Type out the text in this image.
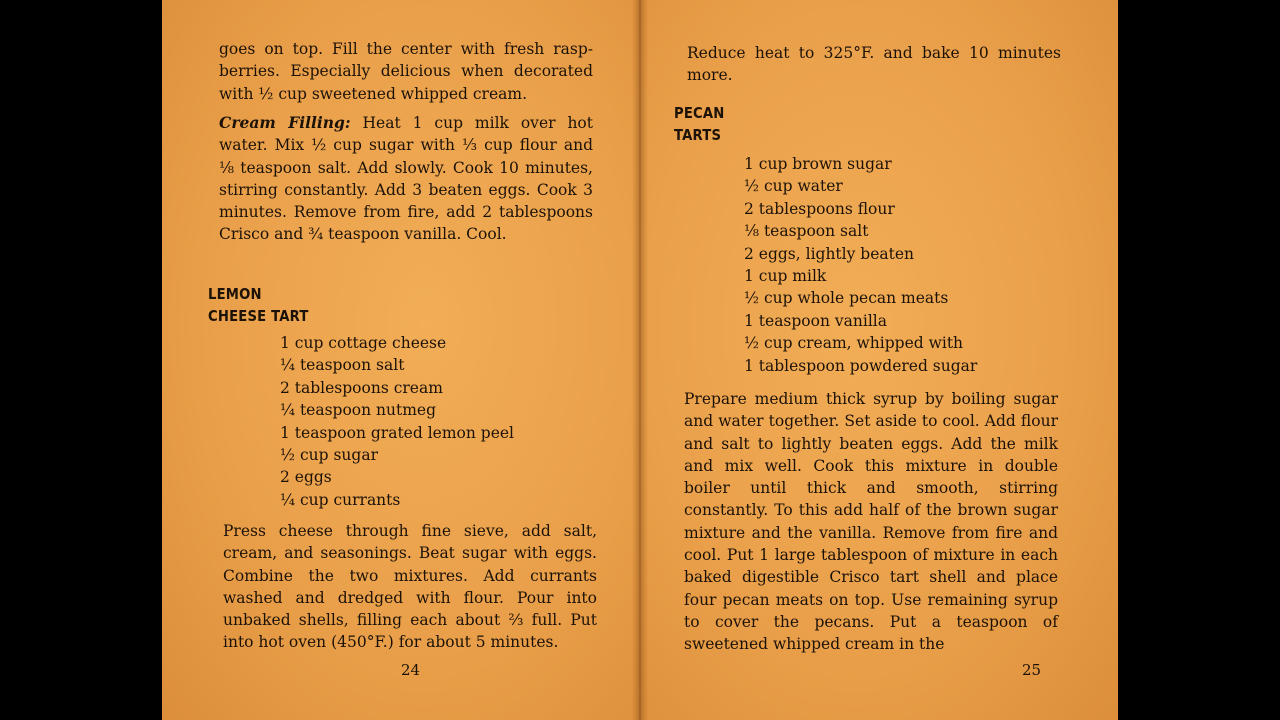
goes on top. Fill the center with fresh rasp-berries. Especially delicious when decorated with ½ cup sweetened whipped cream.

Cream Filling: Heat 1 cup milk over hot water. Mix ½ cup sugar with ⅓ cup flour and ⅛ teaspoon salt. Add slowly. Cook 10 minutes, stirring constantly. Add 3 beaten eggs. Cook 3 minutes. Remove from fire, add 2 tablespoons Crisco and ¾ teaspoon vanilla. Cool.

LEMON
CHEESE TART
1 cup cottage cheese
¼ teaspoon salt
2 tablespoons cream
¼ teaspoon nutmeg
1 teaspoon grated lemon peel
½ cup sugar
2 eggs
¼ cup currants

Press cheese through fine sieve, add salt, cream, and seasonings. Beat sugar with eggs. Combine the two mixtures. Add currants washed and dredged with flour. Pour into unbaked shells, filling each about ⅔ full. Put into hot oven (450°F.) for about 5 minutes.

24

Reduce heat to 325°F. and bake 10 minutes more.

PECAN
TARTS
1 cup brown sugar
½ cup water
2 tablespoons flour
⅛ teaspoon salt
2 eggs, lightly beaten
1 cup milk
½ cup whole pecan meats
1 teaspoon vanilla
½ cup cream, whipped with
1 tablespoon powdered sugar

Prepare medium thick syrup by boiling sugar and water together. Set aside to cool. Add flour and salt to lightly beaten eggs. Add the milk and mix well. Cook this mixture in double boiler until thick and smooth, stirring constantly. To this add half of the brown sugar mixture and the vanilla. Remove from fire and cool. Put 1 large tablespoon of mixture in each baked digestible Crisco tart shell and place four pecan meats on top. Use remaining syrup to cover the pecans. Put a teaspoon of sweetened whipped cream in the

25
